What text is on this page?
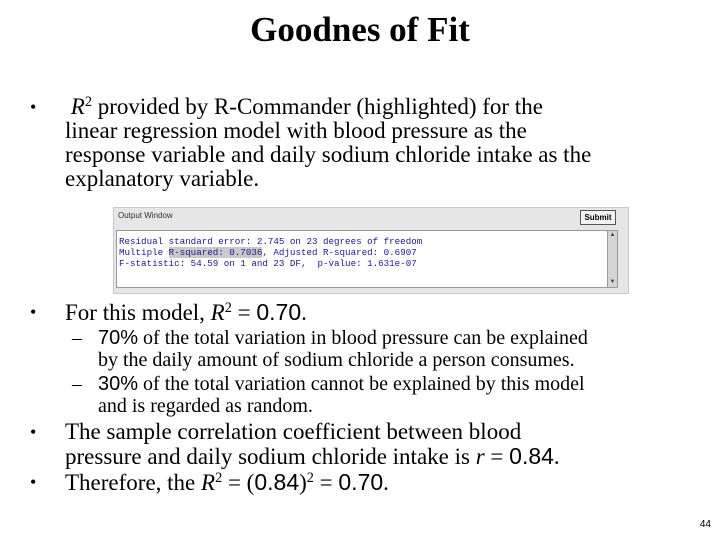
Goodnes of Fit
•	$R^2$ provided by R-Commander (highlighted) for the
linear regression model with blood pressure as the
response variable and daily sodium chloride intake as the
explanatory variable.
Output Window	Submit
Residual standard error: 2.745 on 23 degrees of freedom
Multiple R-squared: 0.7036, Adjusted R-squared: 0.6907
F-statistic: 54.59 on 1 and 23 DF,  p-value: 1.631e-07
▲
▼
•	For this model, $R^2 = 0.70$.
– 70% of the total variation in blood pressure can be explained
by the daily amount of sodium chloride a person consumes.
– 30% of the total variation cannot be explained by this model
and is regarded as random.
•	The sample correlation coefficient between blood
pressure and daily sodium chloride intake is r = 0.84.
•	Therefore, the $R^2 = (0.84)^2 = 0.70$.
44
